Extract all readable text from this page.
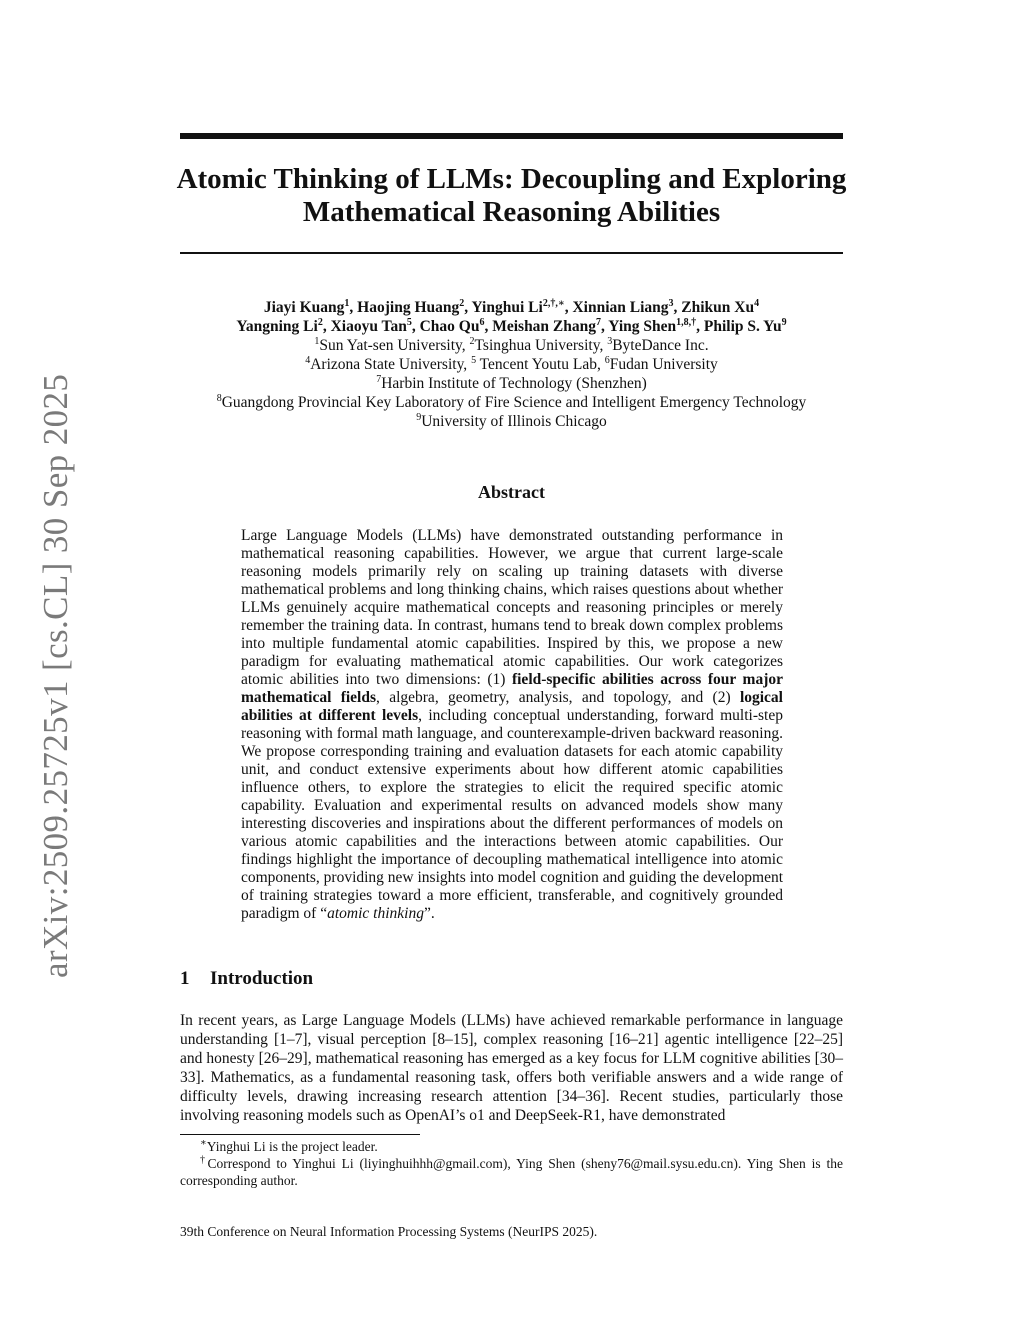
arXiv:2509.25725v1 [cs.CL] 30 Sep 2025
Atomic Thinking of LLMs: Decoupling and Exploring
Mathematical Reasoning Abilities
Jiayi Kuang$^1$, Haojing Huang$^2$, Yinghui $Li^{2,\dagger,∗}$, Xinnian Liang$^3$, Zhikun Xu$^4$
Yangning Li$^2$, Xiaoyu Tan$^5$, Chao Qu$^6$, Meishan Zhang$^7$, Ying Shen$^{1,8,\dagger}$, Philip S. Yu$^9$
$^1$Sun Yat-sen University, $^2$Tsinghua University, $^3$ByteDance Inc.
$^4$Arizona State University, $^5$ Tencent Youtu Lab, $^6$Fudan University
$^7$Harbin Institute of Technology (Shenzhen)
$^8$Guangdong Provincial Key Laboratory of Fire Science and Intelligent Emergency Technology
$^9$University of Illinois Chicago
Abstract
Large Language Models (LLMs) have demonstrated outstanding performance in mathematical reasoning capabilities. However, we argue that current large-scale reasoning models primarily rely on scaling up training datasets with diverse mathematical problems and long thinking chains, which raises questions about whether LLMs genuinely acquire mathematical concepts and reasoning principles or merely remember the training data. In contrast, humans tend to break down complex problems into multiple fundamental atomic capabilities. Inspired by this, we propose a new paradigm for evaluating mathematical atomic capabilities. Our work categorizes atomic abilities into two dimensions: (1) field-specific abilities across four major mathematical fields, algebra, geometry, analysis, and topology, and (2) logical abilities at different levels, including conceptual understanding, forward multi-step reasoning with formal math language, and counterexample-driven backward reasoning. We propose corresponding training and evaluation datasets for each atomic capability unit, and conduct extensive experiments about how different atomic capabilities influence others, to explore the strategies to elicit the required specific atomic capability. Evaluation and experimental results on advanced models show many interesting discoveries and inspirations about the different performances of models on various atomic capabilities and the interactions between atomic capabilities. Our findings highlight the importance of decoupling mathematical intelligence into atomic components, providing new insights into model cognition and guiding the development of training strategies toward a more efficient, transferable, and cognitively grounded paradigm of “atomic thinking”.
1 Introduction
In recent years, as Large Language Models (LLMs) have achieved remarkable performance in language understanding [1–7], visual perception [8–15], complex reasoning [16–21] agentic intelligence [22–25] and honesty [26–29], mathematical reasoning has emerged as a key focus for LLM cognitive abilities [30–33]. Mathematics, as a fundamental reasoning task, offers both verifiable answers and a wide range of difficulty levels, drawing increasing research attention [34–36]. Recent studies, particularly those involving reasoning models such as OpenAI’s o1 and DeepSeek-R1, have demonstrated
∗Yinghui Li is the project leader.
†Correspond to Yinghui Li (liyinghuihhh@gmail.com), Ying Shen (sheny76@mail.sysu.edu.cn). Ying Shen is the corresponding author.
39th Conference on Neural Information Processing Systems (NeurIPS 2025).
